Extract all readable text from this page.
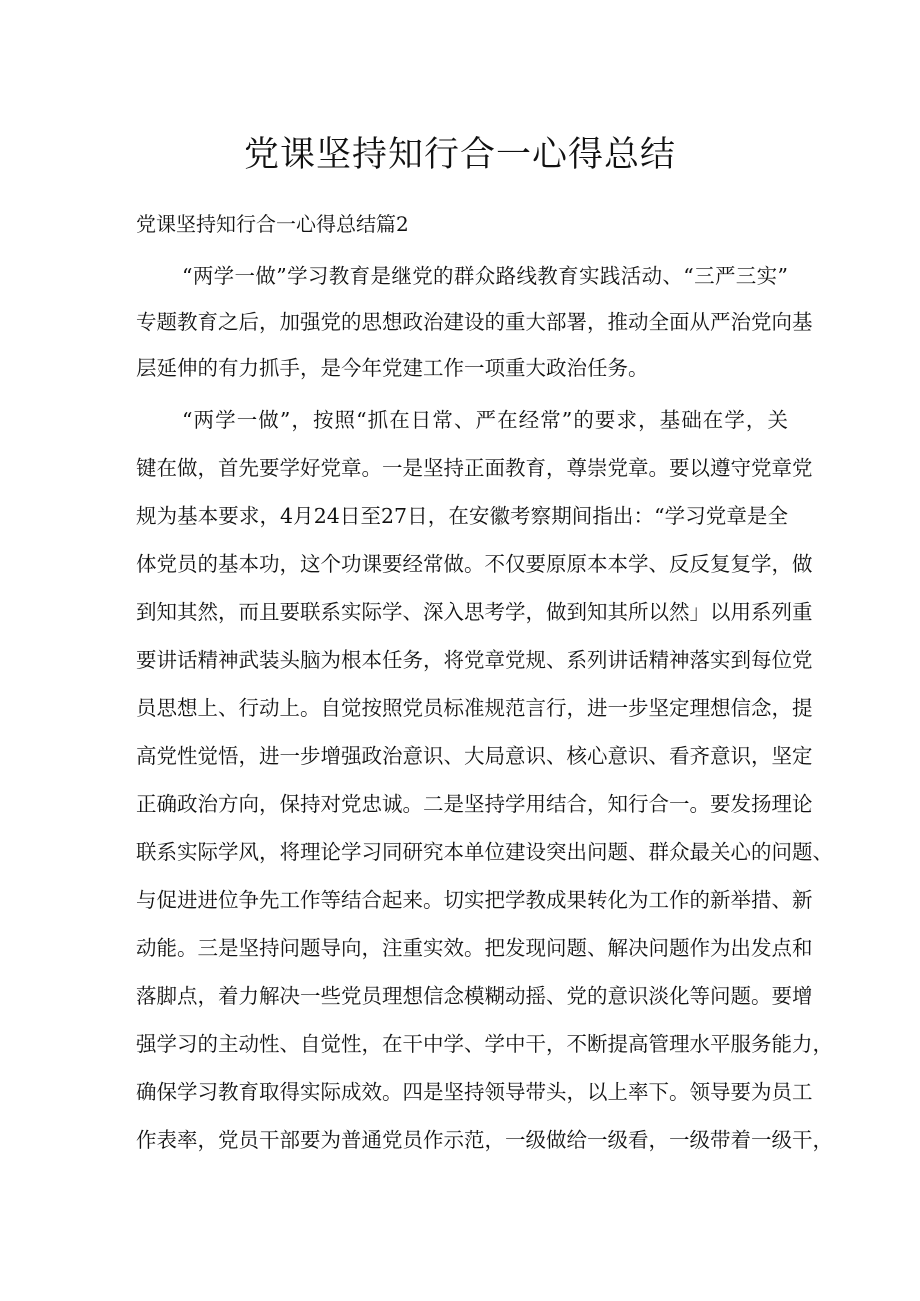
党课坚持知行合一心得总结

党课坚持知行合一心得总结篇2

“两学一做”学习教育是继党的群众路线教育实践活动、“三严三实”
专题教育之后，加强党的思想政治建设的重大部署，推动全面从严治党向基
层延伸的有力抓手，是今年党建工作一项重大政治任务。
“两学一做”，按照“抓在日常、严在经常”的要求，基础在学，关
键在做，首先要学好党章。一是坚持正面教育，尊崇党章。要以遵守党章党
规为基本要求，4月24日至27日，在安徽考察期间指出：“学习党章是全
体党员的基本功，这个功课要经常做。不仅要原原本本学、反反复复学，做
到知其然，而且要联系实际学、深入思考学，做到知其所以然」以用系列重
要讲话精神武装头脑为根本任务，将党章党规、系列讲话精神落实到每位党
员思想上、行动上。自觉按照党员标准规范言行，进一步坚定理想信念，提
高党性觉悟，进一步增强政治意识、大局意识、核心意识、看齐意识，坚定
正确政治方向，保持对党忠诚。二是坚持学用结合，知行合一。要发扬理论
联系实际学风，将理论学习同研究本单位建设突出问题、群众最关心的问题、
与促进进位争先工作等结合起来。切实把学教成果转化为工作的新举措、新
动能。三是坚持问题导向，注重实效。把发现问题、解决问题作为出发点和
落脚点，着力解决一些党员理想信念模糊动摇、党的意识淡化等问题。要增
强学习的主动性、自觉性，在干中学、学中干，不断提高管理水平服务能力，
确保学习教育取得实际成效。四是坚持领导带头，以上率下。领导要为员工
作表率，党员干部要为普通党员作示范，一级做给一级看，一级带着一级干，
